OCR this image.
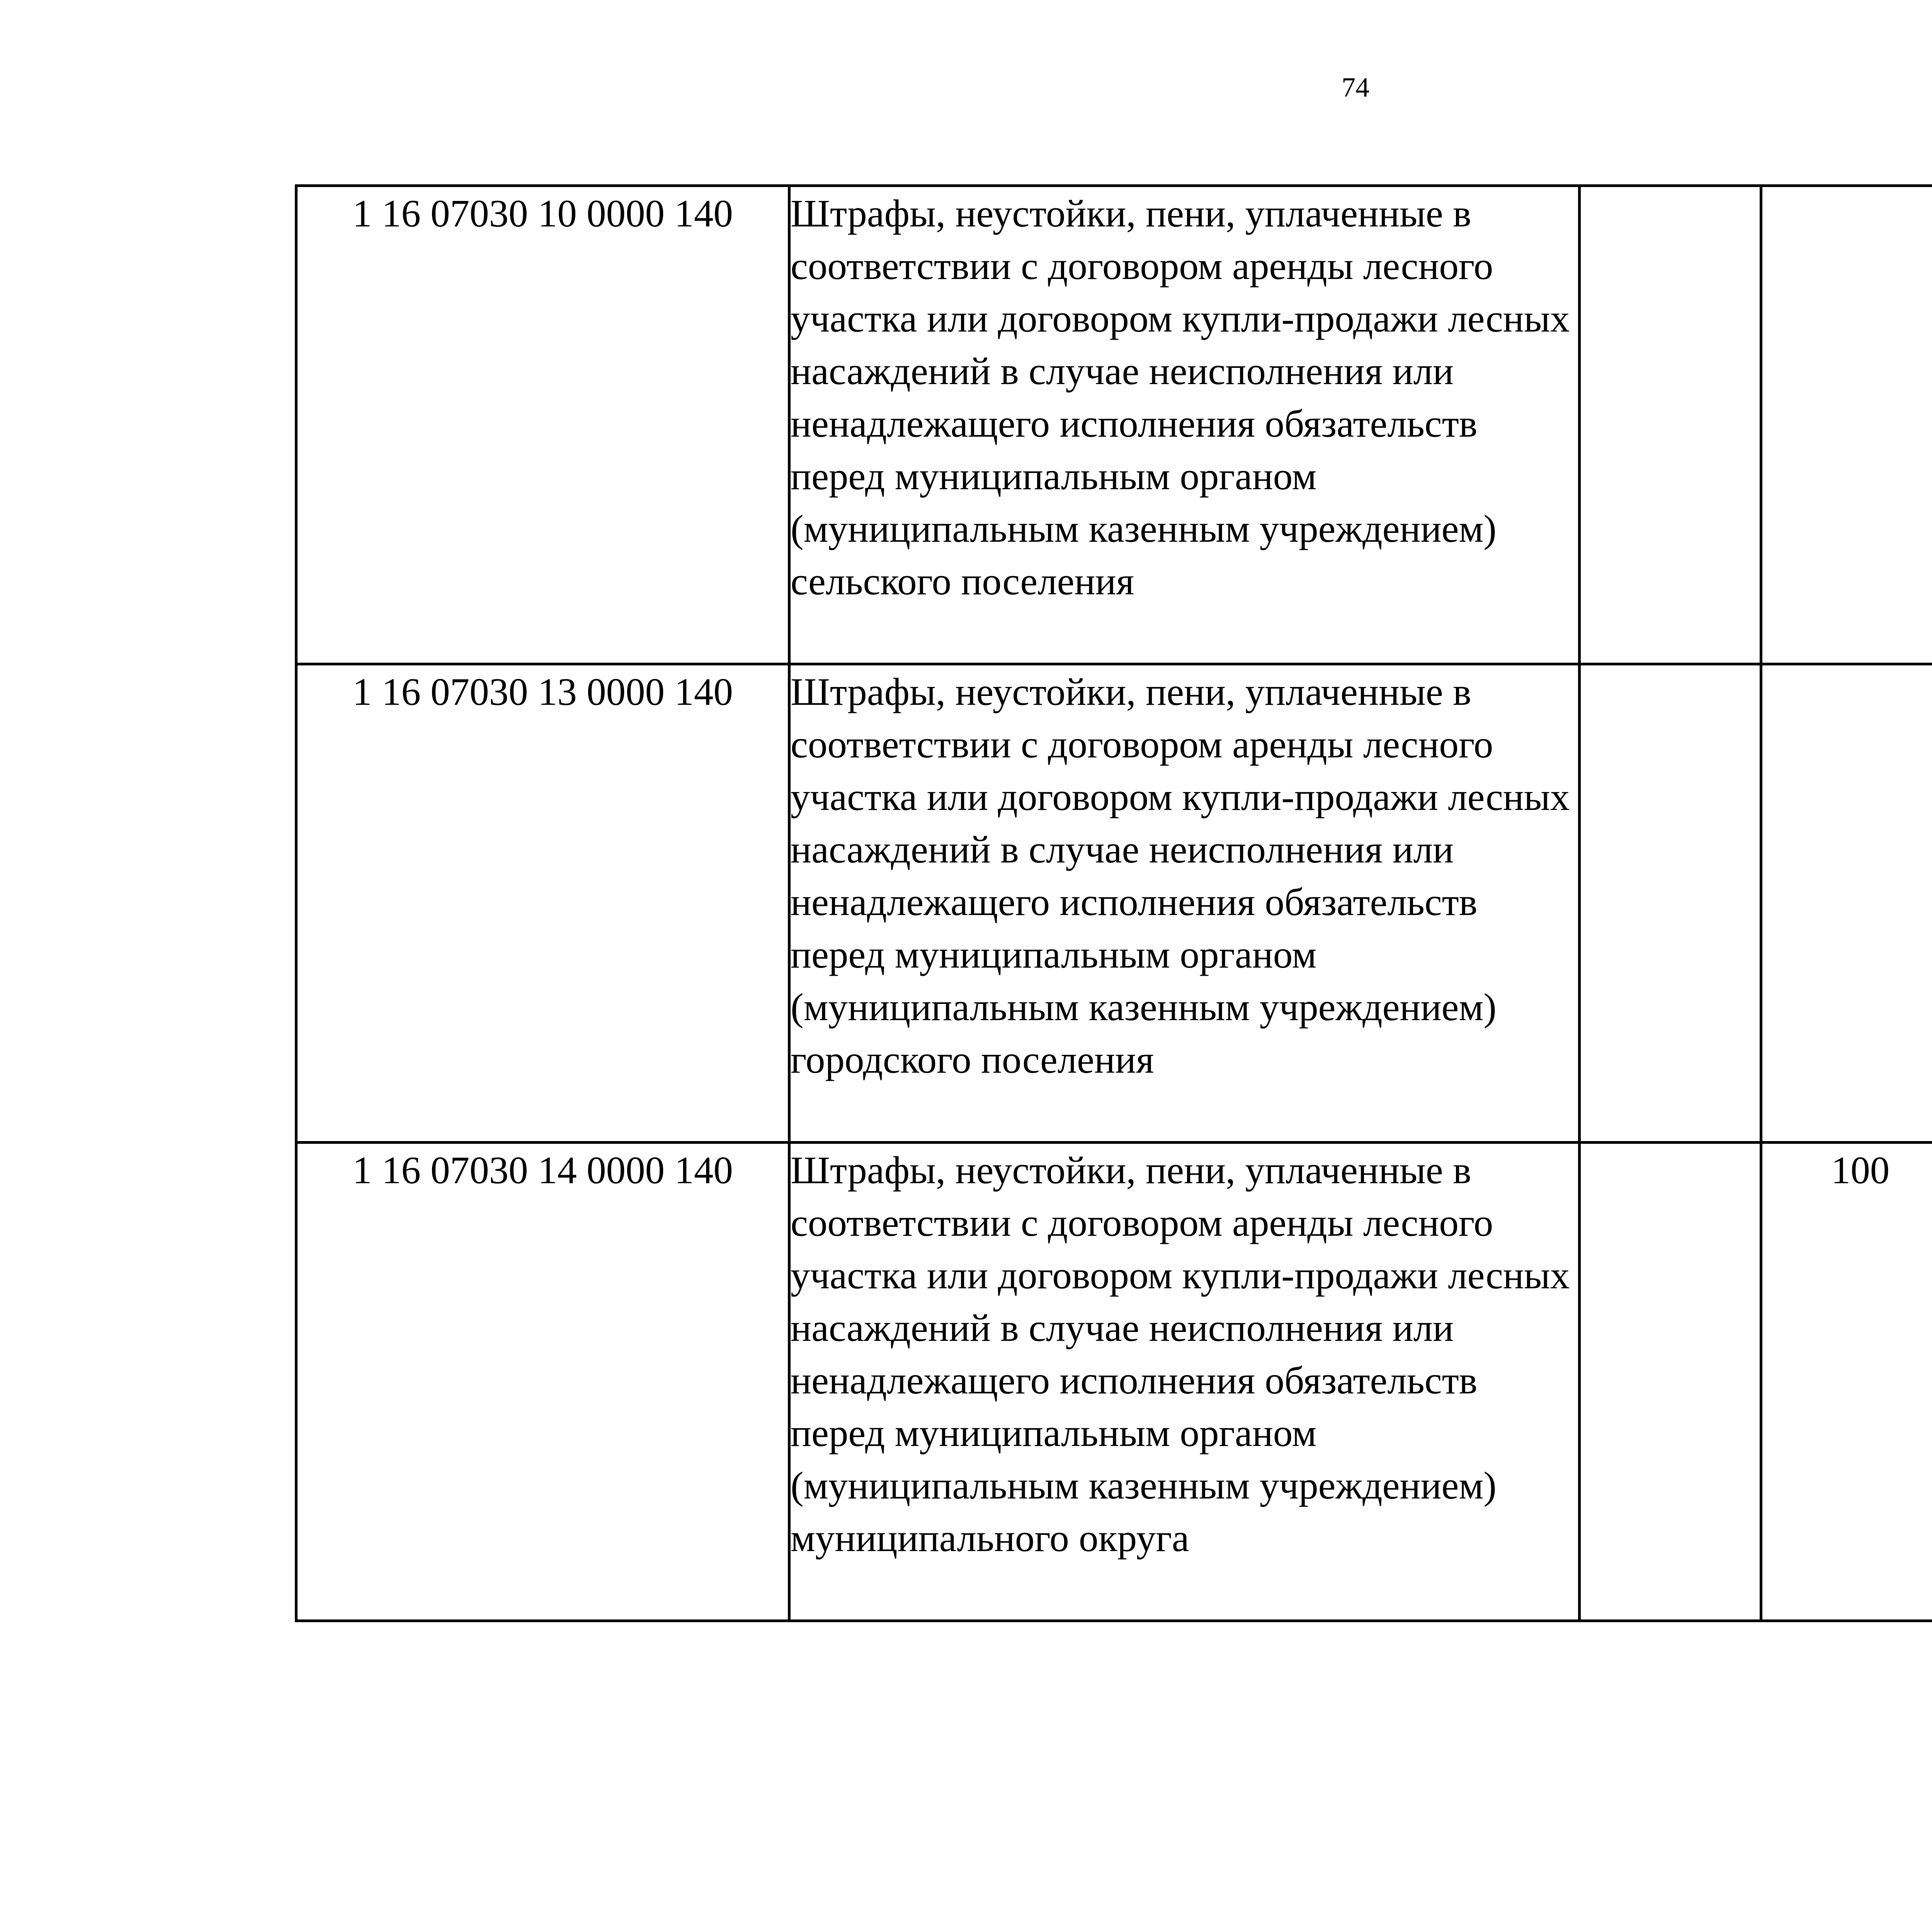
74
1 16 07030 10 0000 140	Штрафы, неустойки, пени, уплаченные в соответствии с договором аренды лесного участка или договором купли-продажи лесных насаждений в случае неисполнения или ненадлежащего исполнения обязательств перед муниципальным органом (муниципальным казенным учреждением) сельского поселения					
1 16 07030 13 0000 140	Штрафы, неустойки, пени, уплаченные в соответствии с договором аренды лесного участка или договором купли-продажи лесных насаждений в случае неисполнения или ненадлежащего исполнения обязательств перед муниципальным органом (муниципальным казенным учреждением) городского поселения					
1 16 07030 14 0000 140	Штрафы, неустойки, пени, уплаченные в соответствии с договором аренды лесного участка или договором купли-продажи лесных насаждений в случае неисполнения или ненадлежащего исполнения обязательств перед муниципальным органом (муниципальным казенным учреждением) муниципального округа		100			
